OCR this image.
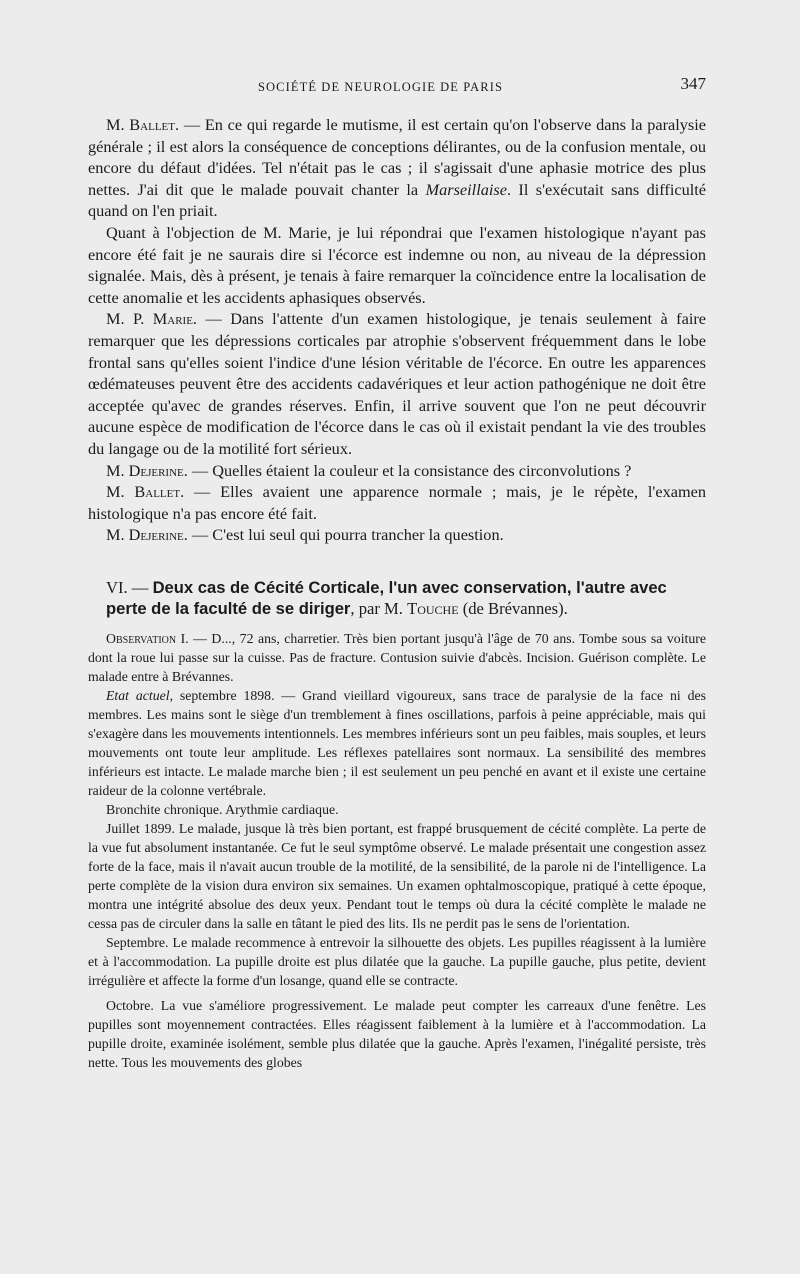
SOCIÉTÉ DE NEUROLOGIE DE PARIS	347

M. Ballet. — En ce qui regarde le mutisme, il est certain qu'on l'observe dans la paralysie générale ; il est alors la conséquence de conceptions délirantes, ou de la confusion mentale, ou encore du défaut d'idées. Tel n'était pas le cas ; il s'agissait d'une aphasie motrice des plus nettes. J'ai dit que le malade pouvait chanter la Marseillaise. Il s'exécutait sans difficulté quand on l'en priait.

Quant à l'objection de M. Marie, je lui répondrai que l'examen histologique n'ayant pas encore été fait je ne saurais dire si l'écorce est indemne ou non, au niveau de la dépression signalée. Mais, dès à présent, je tenais à faire remarquer la coïncidence entre la localisation de cette anomalie et les accidents aphasiques observés.

M. P. Marie. — Dans l'attente d'un examen histologique, je tenais seulement à faire remarquer que les dépressions corticales par atrophie s'observent fréquemment dans le lobe frontal sans qu'elles soient l'indice d'une lésion véritable de l'écorce. En outre les apparences œdémateuses peuvent être des accidents cadavériques et leur action pathogénique ne doit être acceptée qu'avec de grandes réserves. Enfin, il arrive souvent que l'on ne peut découvrir aucune espèce de modification de l'écorce dans le cas où il existait pendant la vie des troubles du langage ou de la motilité fort sérieux.

M. Dejerine. — Quelles étaient la couleur et la consistance des circonvolutions ?

M. Ballet. — Elles avaient une apparence normale ; mais, je le répète, l'examen histologique n'a pas encore été fait.

M. Dejerine. — C'est lui seul qui pourra trancher la question.

VI. — Deux cas de Cécité Corticale, l'un avec conservation, l'autre avec perte de la faculté de se diriger, par M. Touche (de Brévannes).

Observation I. — D..., 72 ans, charretier. Très bien portant jusqu'à l'âge de 70 ans. Tombe sous sa voiture dont la roue lui passe sur la cuisse. Pas de fracture. Contusion suivie d'abcès. Incision. Guérison complète. Le malade entre à Brévannes.

Etat actuel, septembre 1898. — Grand vieillard vigoureux, sans trace de paralysie de la face ni des membres. Les mains sont le siège d'un tremblement à fines oscillations, parfois à peine appréciable, mais qui s'exagère dans les mouvements intentionnels. Les membres inférieurs sont un peu faibles, mais souples, et leurs mouvements ont toute leur amplitude. Les réflexes patellaires sont normaux. La sensibilité des membres inférieurs est intacte. Le malade marche bien ; il est seulement un peu penché en avant et il existe une certaine raideur de la colonne vertébrale.

Bronchite chronique. Arythmie cardiaque.

Juillet 1899. Le malade, jusque là très bien portant, est frappé brusquement de cécité complète. La perte de la vue fut absolument instantanée. Ce fut le seul symptôme observé. Le malade présentait une congestion assez forte de la face, mais il n'avait aucun trouble de la motilité, de la sensibilité, de la parole ni de l'intelligence. La perte complète de la vision dura environ six semaines. Un examen ophtalmoscopique, pratiqué à cette époque, montra une intégrité absolue des deux yeux. Pendant tout le temps où dura la cécité complète le malade ne cessa pas de circuler dans la salle en tâtant le pied des lits. Ils ne perdit pas le sens de l'orientation.

Septembre. Le malade recommence à entrevoir la silhouette des objets. Les pupilles réagissent à la lumière et à l'accommodation. La pupille droite est plus dilatée que la gauche. La pupille gauche, plus petite, devient irrégulière et affecte la forme d'un losange, quand elle se contracte.

Octobre. La vue s'améliore progressivement. Le malade peut compter les carreaux d'une fenêtre. Les pupilles sont moyennement contractées. Elles réagissent faiblement à la lumière et à l'accommodation. La pupille droite, examinée isolément, semble plus dilatée que la gauche. Après l'examen, l'inégalité persiste, très nette. Tous les mouvements des globes
